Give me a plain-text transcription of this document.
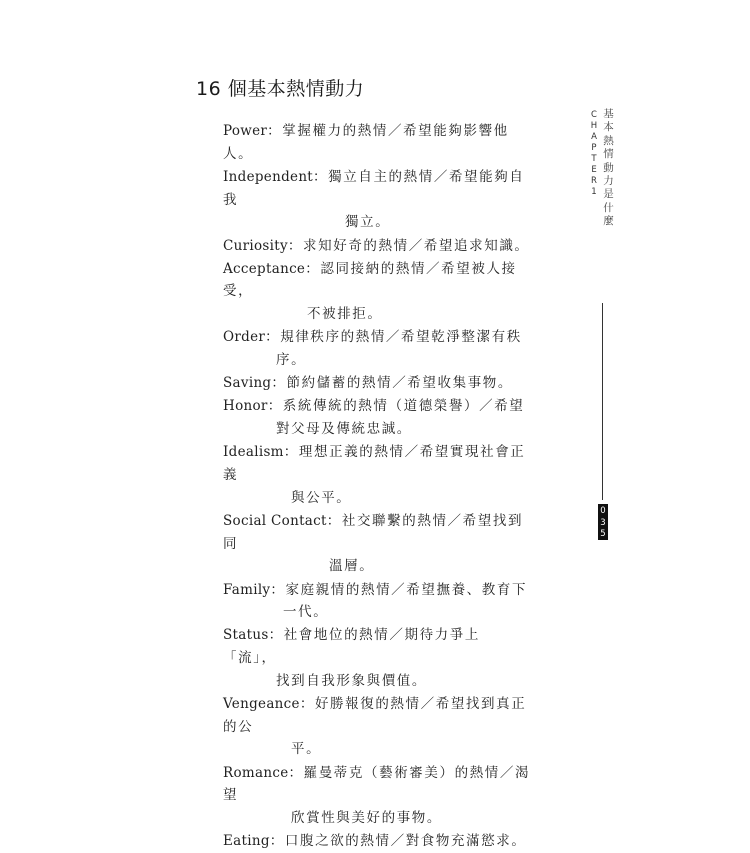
16 個基本熱情動力
Power：掌握權力的熱情／希望能夠影響他人。
Independent：獨立自主的熱情／希望能夠自我
獨立。
Curiosity：求知好奇的熱情／希望追求知識。
Acceptance：認同接納的熱情／希望被人接受，
不被排拒。
Order：規律秩序的熱情／希望乾淨整潔有秩
序。
Saving：節約儲蓄的熱情／希望收集事物。
Honor：系統傳統的熱情（道德榮譽）／希望
對父母及傳統忠誠。
Idealism：理想正義的熱情／希望實現社會正義
與公平。
Social Contact：社交聯繫的熱情／希望找到同
溫層。
Family：家庭親情的熱情／希望撫養、教育下
一代。
Status：社會地位的熱情／期待力爭上「流」，
找到自我形象與價值。
Vengeance：好勝報復的熱情／希望找到真正的公
平。
Romance：羅曼蒂克（藝術審美）的熱情／渴望
欣賞性與美好的事物。
Eating：口腹之欲的熱情／對食物充滿慾求。
CHAPTER 1
基本熱情動力是什麼
035
